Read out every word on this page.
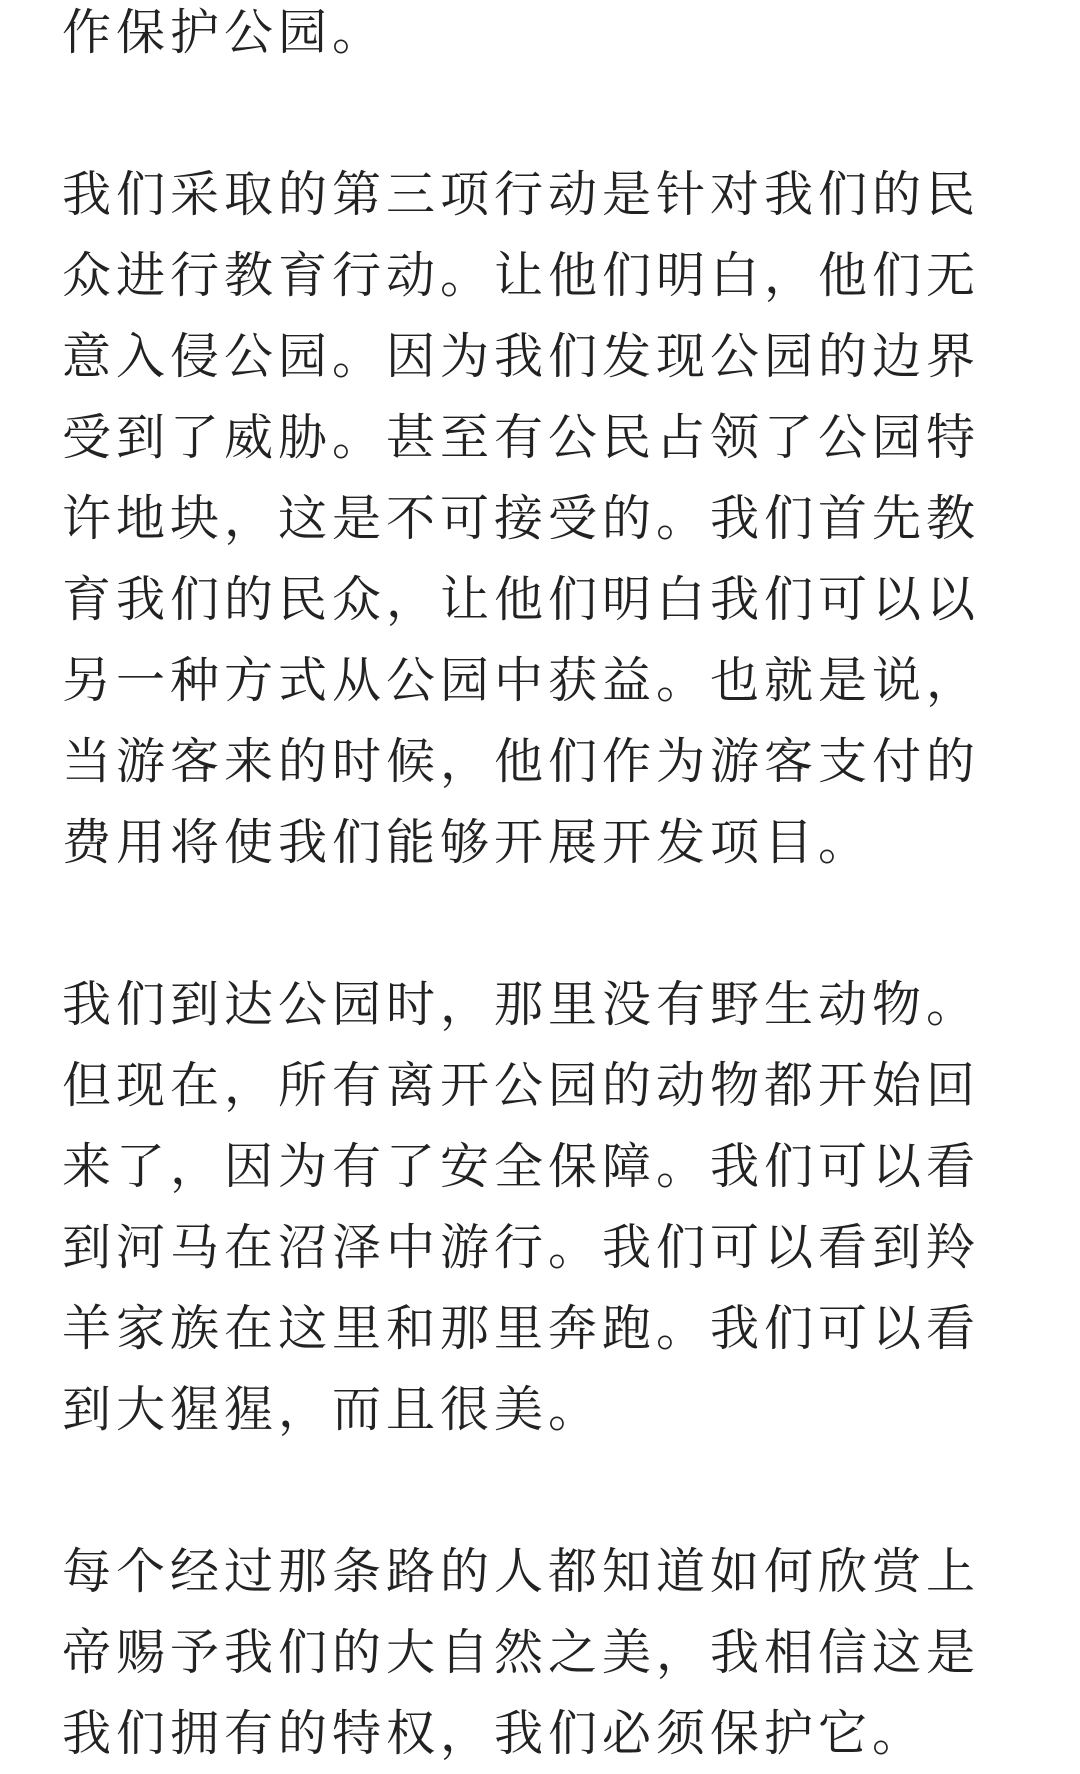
作保护公园。

我们采取的第三项行动是针对我们的民众进行教育行动。让他们明白，他们无意入侵公园。因为我们发现公园的边界受到了威胁。甚至有公民占领了公园特许地块，这是不可接受的。我们首先教育我们的民众，让他们明白我们可以以另一种方式从公园中获益。也就是说，当游客来的时候，他们作为游客支付的费用将使我们能够开展开发项目。

我们到达公园时，那里没有野生动物。但现在，所有离开公园的动物都开始回来了，因为有了安全保障。我们可以看到河马在沼泽中游行。我们可以看到羚羊家族在这里和那里奔跑。我们可以看到大猩猩，而且很美。

每个经过那条路的人都知道如何欣赏上帝赐予我们的大自然之美，我相信这是我们拥有的特权，我们必须保护它。
